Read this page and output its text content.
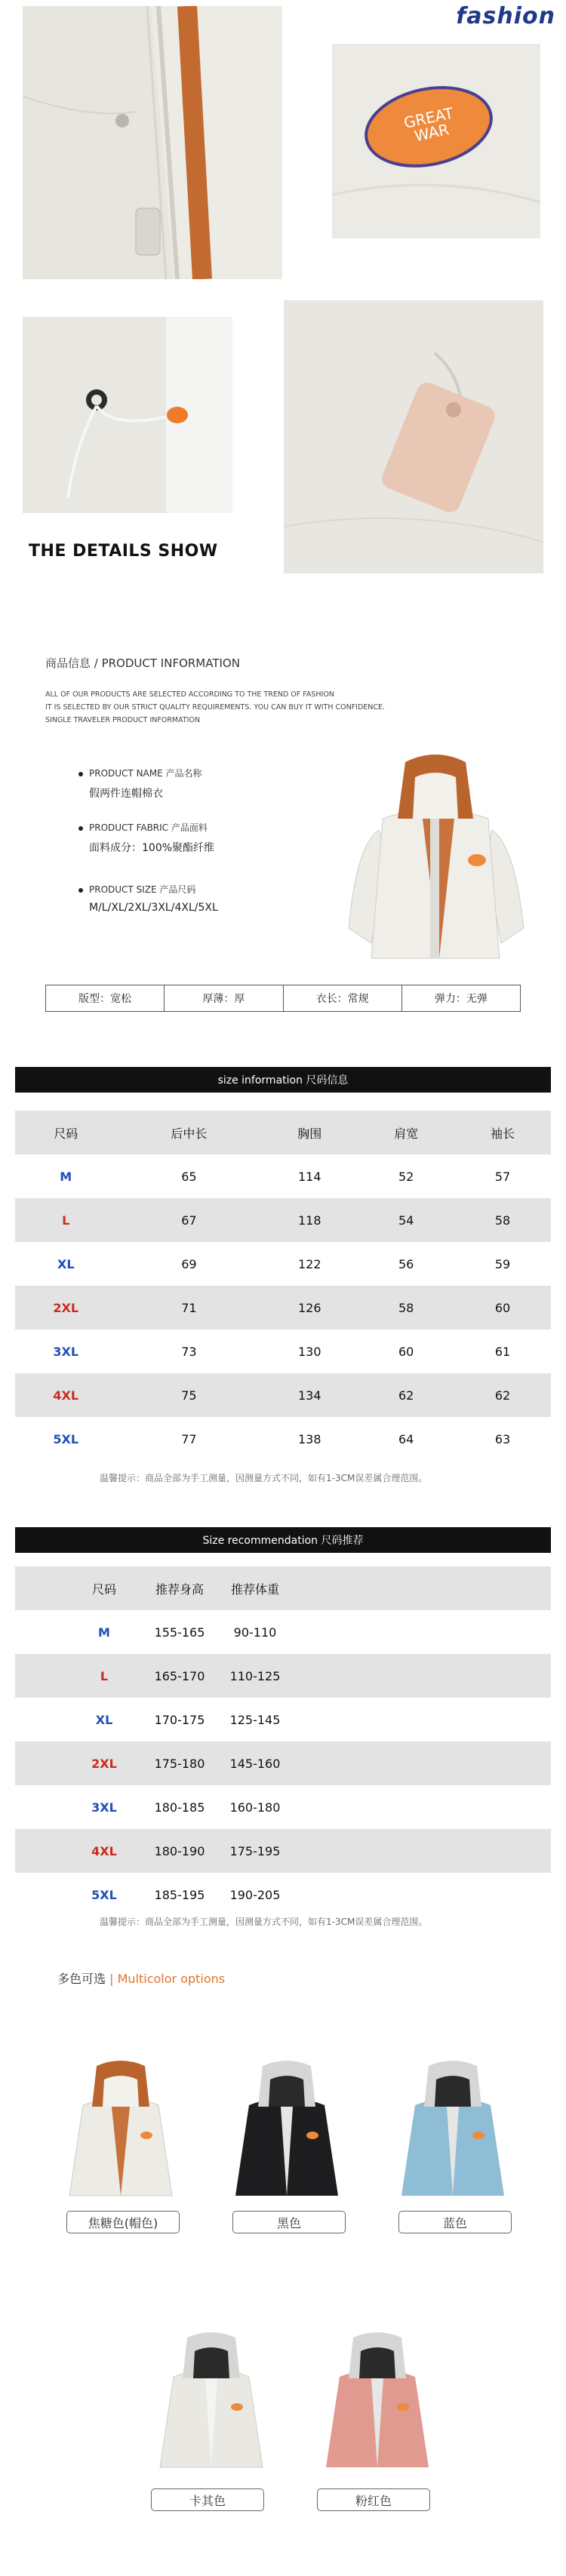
fashion
GREAT WAR
THE DETAILS SHOW
商品信息 / PRODUCT INFORMATION
ALL OF OUR PRODUCTS ARE SELECTED ACCORDING TO THE TREND OF FASHION
IT IS SELECTED BY OUR STRICT QUALITY REQUIREMENTS. YOU CAN BUY IT WITH CONFIDENCE.
SINGLE TRAVELER PRODUCT INFORMATION
PRODUCT NAME 产品名称
假两件连帽棉衣
PRODUCT FABRIC 产品面料
面料成分：100%聚酯纤维
PRODUCT SIZE 产品尺码
M/L/XL/2XL/3XL/4XL/5XL
版型：宽松	厚薄：厚	衣长：常规	弹力：无弹
size information 尺码信息
尺码	后中长	胸围	肩宽	袖长
M	65	114	52	57
L	67	118	54	58
XL	69	122	56	59
2XL	71	126	58	60
3XL	73	130	60	61
4XL	75	134	62	62
5XL	77	138	64	63
温馨提示：商品全部为手工测量，因测量方式不同，如有1-3CM误差属合理范围。
Size recommendation 尺码推荐
	尺码	推荐身高	推荐体重	
	M	155-165	90-110	
	L	165-170	110-125	
	XL	170-175	125-145	
	2XL	175-180	145-160	
	3XL	180-185	160-180	
	4XL	180-190	175-195	
	5XL	185-195	190-205	
温馨提示：商品全部为手工测量，因测量方式不同，如有1-3CM误差属合理范围。
多色可选 | Multicolor options
焦糖色(帽色)	黑色	蓝色
卡其色	粉红色
